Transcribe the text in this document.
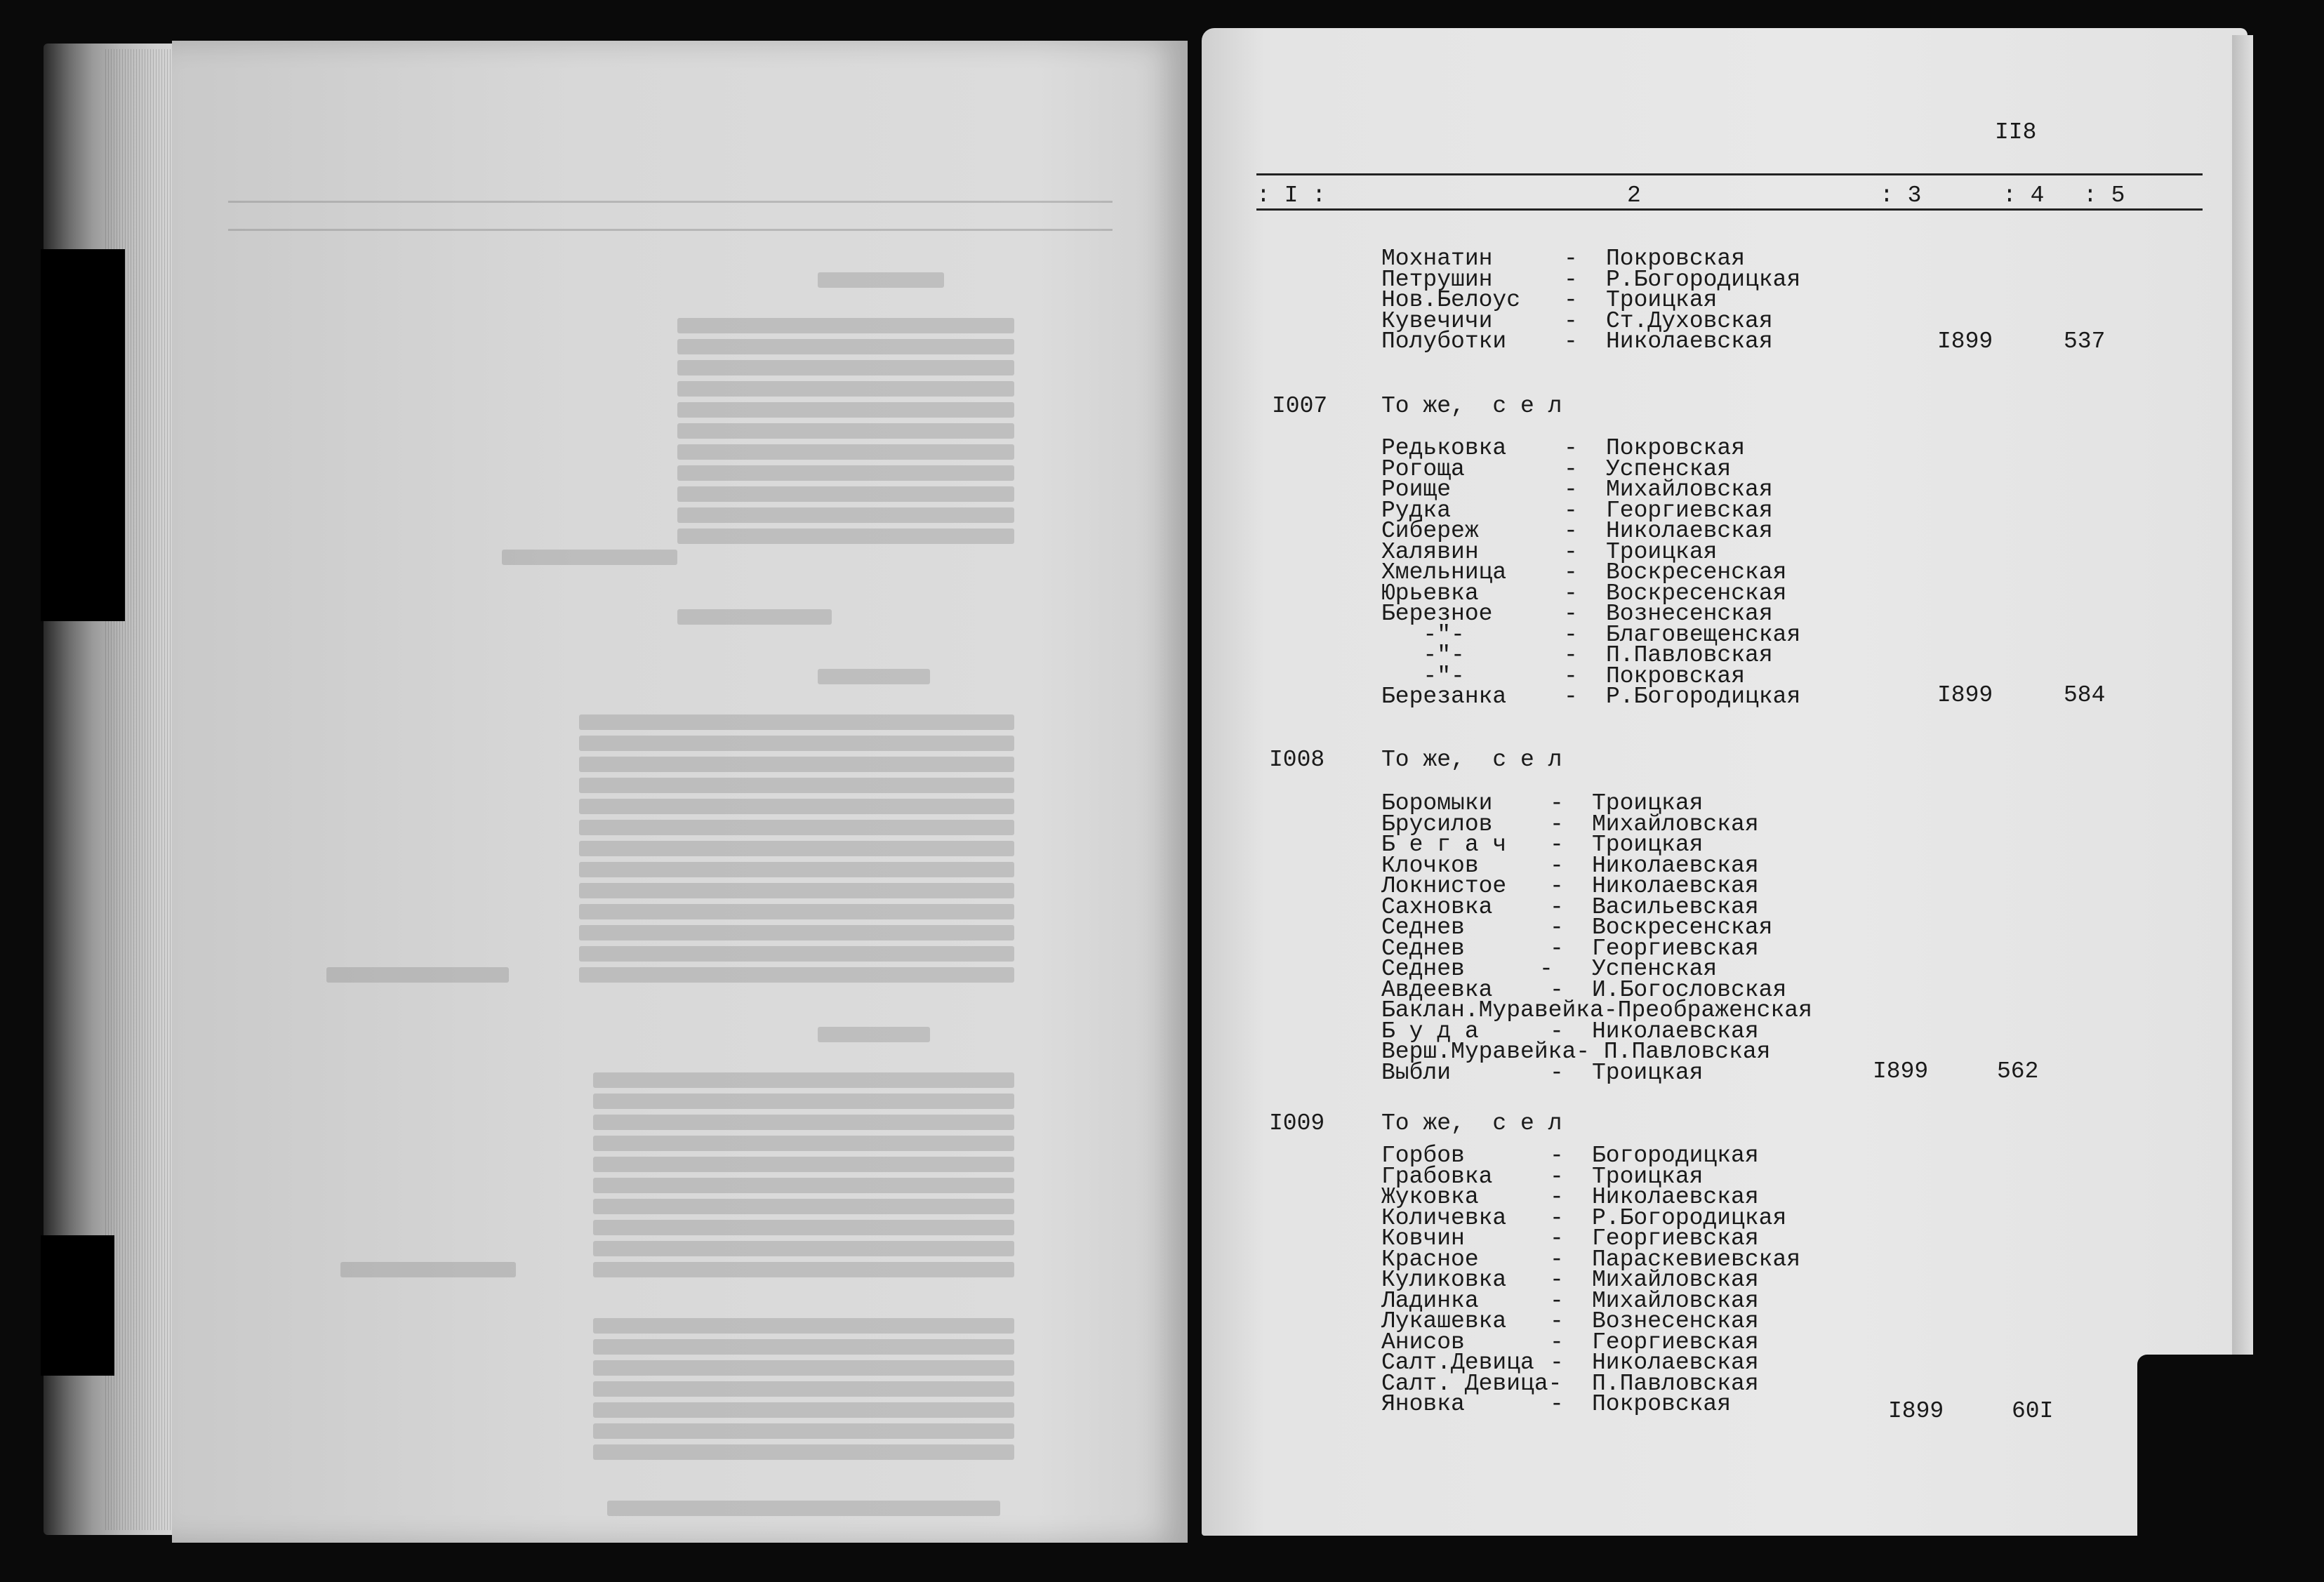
II8
: I :	2	: 3	: 4 : 5
Мохнатин	- Покровская
Петрушин	- Р.Богородицкая
Нов.Белоус - Троицкая
Кувечичи	- Ст.Духовская
Полуботки - Николаевская	I899	537
I007 То же,  с е л
Редьковка - Покровская
Рогоща	- Успенская
Роище	- Михайловская
Рудка	- Георгиевская
Сибереж	- Николаевская
Халявин	- Троицкая
Хмельница - Воскресенская
Юрьевка	- Воскресенская
Березное	- Вознесенская
-"-	- Благовещенская
-"-	- П.Павловская
-"-	- Покровская
Березанка - Р.Богородицкая	I899	584
I008 То же,  с е л
Боромыки - Троицкая
Брусилов - Михайловская
Б е г а ч - Троицкая
Клочков	- Николаевская
Локнистое - Николаевская
Сахновка - Васильевская
Седнев	- Воскресенская
Седнев	- Георгиевская
Седнев	- Успенская
Авдеевка - И.Богословская
Баклан.Муравейка-Преображенская
Б у д а	- Николаевская
Верш.Муравейка- П.Павловская
Выбли	- Троицкая	I899	562
I009 То же,  с е л
Горбов	- Богородицкая
Грабовка - Троицкая
Жуковка	- Николаевская
Количевка - Р.Богородицкая
Ковчин	- Георгиевская
Красное	- Параскевиевская
Куликовка - Михайловская
Ладинка	- Михайловская
Лукашевка - Вознесенская
Анисов	- Георгиевская
Салт.Девица - Николаевская
Салт. Девица- П.Павловская
Яновка	- Покровская	I899	60I
